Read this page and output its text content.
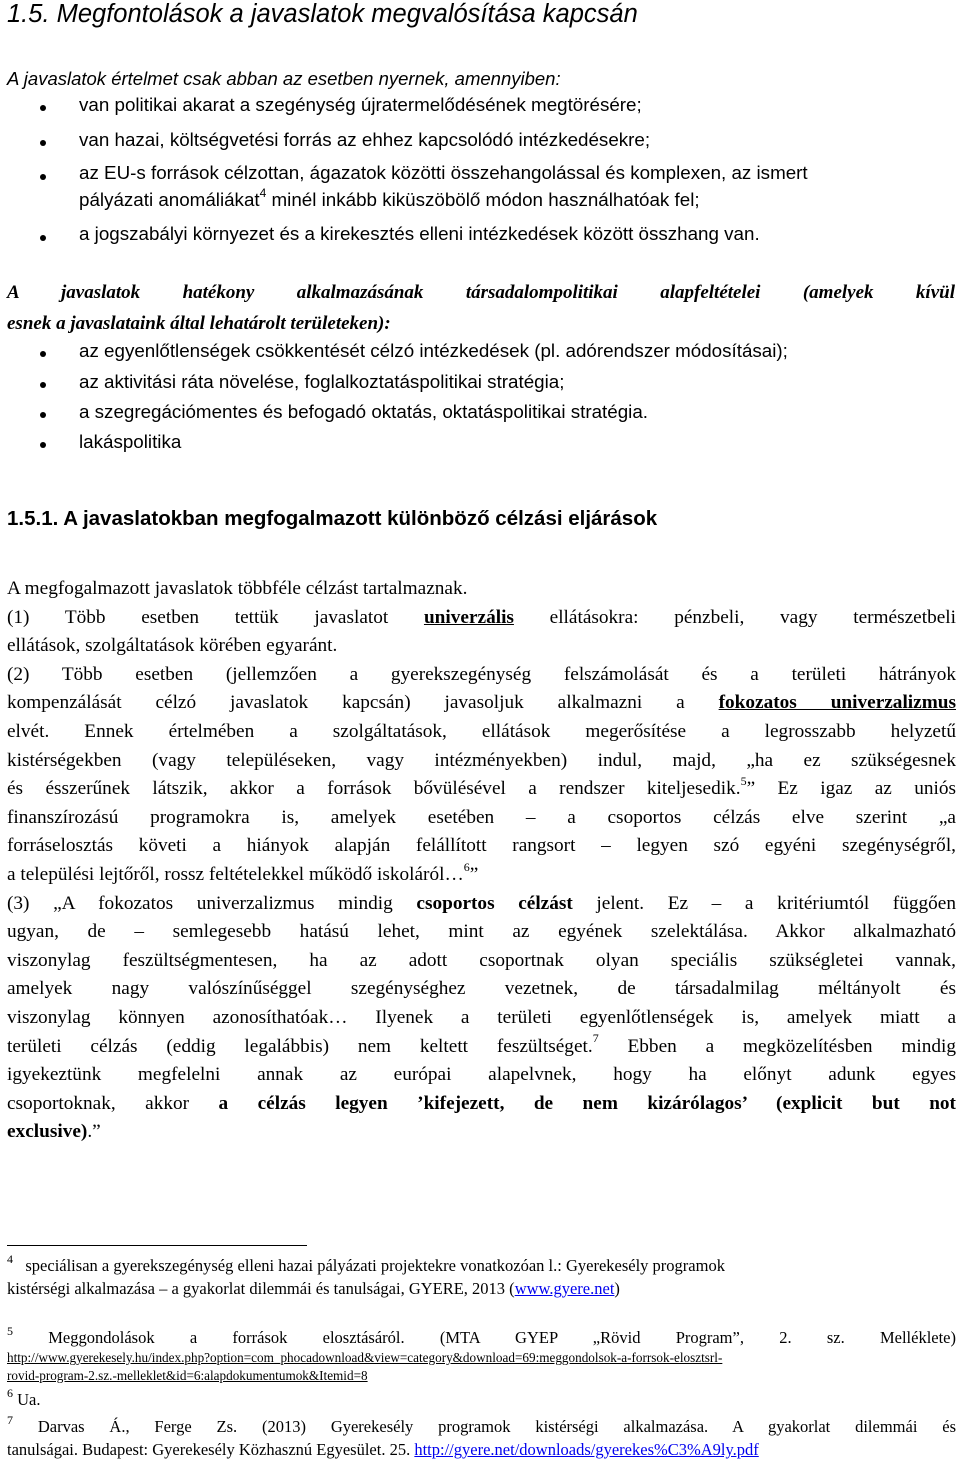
1.5. Megfontolások a javaslatok megvalósítása kapcsán
A javaslatok értelmet csak abban az esetben nyernek, amennyiben:
van politikai akarat a szegénység újratermelődésének megtörésére;
van hazai, költségvetési forrás az ehhez kapcsolódó intézkedésekre;
az EU-s források célzottan, ágazatok közötti összehangolással és komplexen, az ismert
pályázati anomáliákat$^4$ minél inkább kiküszöbölő módon használhatóak fel;
a jogszabályi környezet és a kirekesztés elleni intézkedések között összhang van.
A javaslatok hatékony alkalmazásának társadalompolitikai alapfeltételei (amelyek kívül
esnek a javaslataink által lehatárolt területeken):
az egyenlőtlenségek csökkentését célzó intézkedések (pl. adórendszer módosításai);
az aktivitási ráta növelése, foglalkoztatáspolitikai stratégia;
a szegregációmentes és befogadó oktatás, oktatáspolitikai stratégia.
lakáspolitika
1.5.1. A javaslatokban megfogalmazott különböző célzási eljárások
A megfogalmazott javaslatok többféle célzást tartalmaznak.
(1) Több esetben tettük javaslatot univerzális ellátásokra: pénzbeli, vagy természetbeli
ellátások, szolgáltatások körében egyaránt.
(2) Több esetben (jellemzően a gyerekszegénység felszámolását és a területi hátrányok
kompenzálását célzó javaslatok kapcsán) javasoljuk alkalmazni a fokozatos univerzalizmus
elvét. Ennek értelmében a szolgáltatások, ellátások megerősítése a legrosszabb helyzetű
kistérségekben (vagy településeken, vagy intézményekben) indul, majd, „ha ez szükségesnek
és ésszerűnek látszik, akkor a források bővülésével a rendszer kiteljesedik.$^5$” Ez igaz az uniós
finanszírozású programokra is, amelyek esetében – a csoportos célzás elve szerint „a
forráselosztás követi a hiányok alapján felállított rangsort – legyen szó egyéni szegénységről,
a települési lejtőről, rossz feltételekkel működő iskoláról…$^6$”
(3) „A fokozatos univerzalizmus mindig csoportos célzást jelent. Ez – a kritériumtól függően
ugyan, de – semlegesebb hatású lehet, mint az egyének szelektálása. Akkor alkalmazható
viszonylag feszültségmentesen, ha az adott csoportnak olyan speciális szükségletei vannak,
amelyek nagy valószínűséggel szegénységhez vezetnek, de társadalmilag méltányolt és
viszonylag könnyen azonosíthatóak… Ilyenek a területi egyenlőtlenségek is, amelyek miatt a
területi célzás (eddig legalábbis) nem keltett feszültséget.$^7$ Ebben a megközelítésben mindig
igyekeztünk megfelelni annak az európai alapelvnek, hogy ha előnyt adunk egyes
csoportoknak, akkor a célzás legyen ’kifejezett, de nem kizárólagos’ (explicit but not
exclusive).”
$^4$ speciálisan a gyerekszegénység elleni hazai pályázati projektekre vonatkozóan l.: Gyerekesély programok
kistérségi alkalmazása – a gyakorlat dilemmái és tanulságai, GYERE, 2013 (www.gyere.net)
$^5$ Meggondolások a források elosztásáról. (MTA GYEP „Rövid Program”, 2. sz. Melléklete)
http://www.gyerekesely.hu/index.php?option=com_phocadownload&view=category&download=69:meggondolsok-a-forrsok-elosztsrl-
rovid-program-2.sz.-melleklet&id=6:alapdokumentumok&Itemid=8
$^6$ Ua.
$^7$ Darvas Á., Ferge Zs. (2013) Gyerekesély programok kistérségi alkalmazása. A gyakorlat dilemmái és
tanulságai. Budapest: Gyerekesély Közhasznú Egyesület. 25. http://gyere.net/downloads/gyerekes%C3%A9ly.pdf
